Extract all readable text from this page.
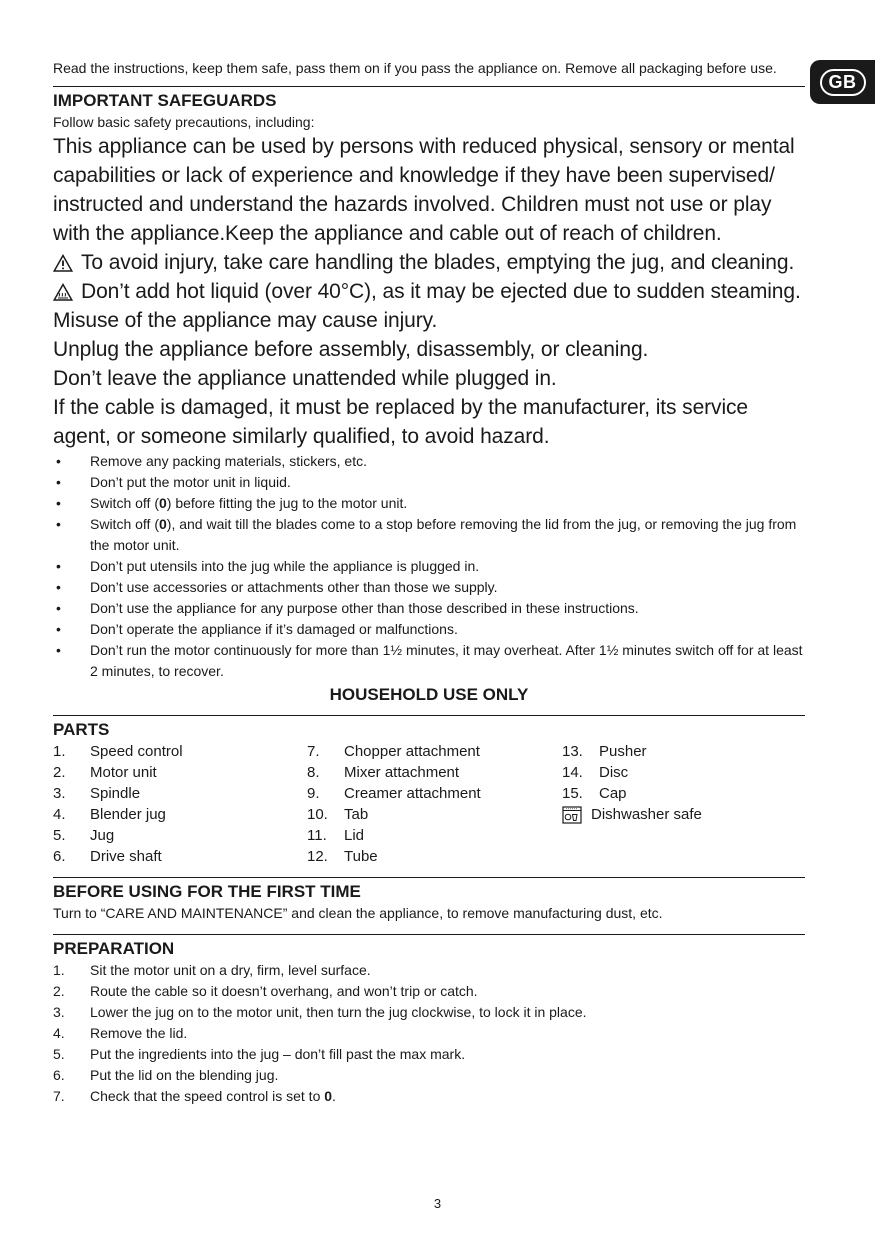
GB

Read the instructions, keep them safe, pass them on if you pass the appliance on. Remove all packaging before use.

IMPORTANT SAFEGUARDS

Follow basic safety precautions, including:

This appliance can be used by persons with reduced physical, sensory or mental capabilities or lack of experience and knowledge if they have been supervised/ instructed and understand the hazards involved. Children must not use or play with the appliance.Keep the appliance and cable out of reach of children.

To avoid injury, take care handling the blades, emptying the jug, and cleaning.
Don’t add hot liquid (over 40°C), as it may be ejected due to sudden steaming.

Misuse of the appliance may cause injury.

Unplug the appliance before assembly, disassembly, or cleaning.

Don’t leave the appliance unattended while plugged in.

If the cable is damaged, it must be replaced by the manufacturer, its service agent, or someone similarly qualified, to avoid hazard.

• Remove any packing materials, stickers, etc.
• Don’t put the motor unit in liquid.
• Switch off (0) before fitting the jug to the motor unit.
• Switch off (0), and wait till the blades come to a stop before removing the lid from the jug, or removing the jug from the motor unit.
• Don’t put utensils into the jug while the appliance is plugged in.
• Don’t use accessories or attachments other than those we supply.
• Don’t use the appliance for any purpose other than those described in these instructions.
• Don’t operate the appliance if it’s damaged or malfunctions.
• Don’t run the motor continuously for more than 1½ minutes, it may overheat. After 1½ minutes switch off for at least 2 minutes, to recover.
HOUSEHOLD USE ONLY
PARTS
1.	Speed control
2.	Motor unit
3.	Spindle
4.	Blender jug
5.	Jug
6.	Drive shaft
7.	Chopper attachment
8.	Mixer attachment
9.	Creamer attachment
10.	Tab
11.	Lid
12.	Tube
13.	Pusher
14.	Disc
15.	Cap
Dishwasher safe
BEFORE USING FOR THE FIRST TIME

Turn to “CARE AND MAINTENANCE” and clean the appliance, to remove manufacturing dust, etc.

PREPARATION
1.	Sit the motor unit on a dry, firm, level surface.
2.	Route the cable so it doesn’t overhang, and won’t trip or catch.
3.	Lower the jug on to the motor unit, then turn the jug clockwise, to lock it in place.
4.	Remove the lid.
5.	Put the ingredients into the jug – don’t fill past the max mark.
6.	Put the lid on the blending jug.
7.	Check that the speed control is set to 0.
3
